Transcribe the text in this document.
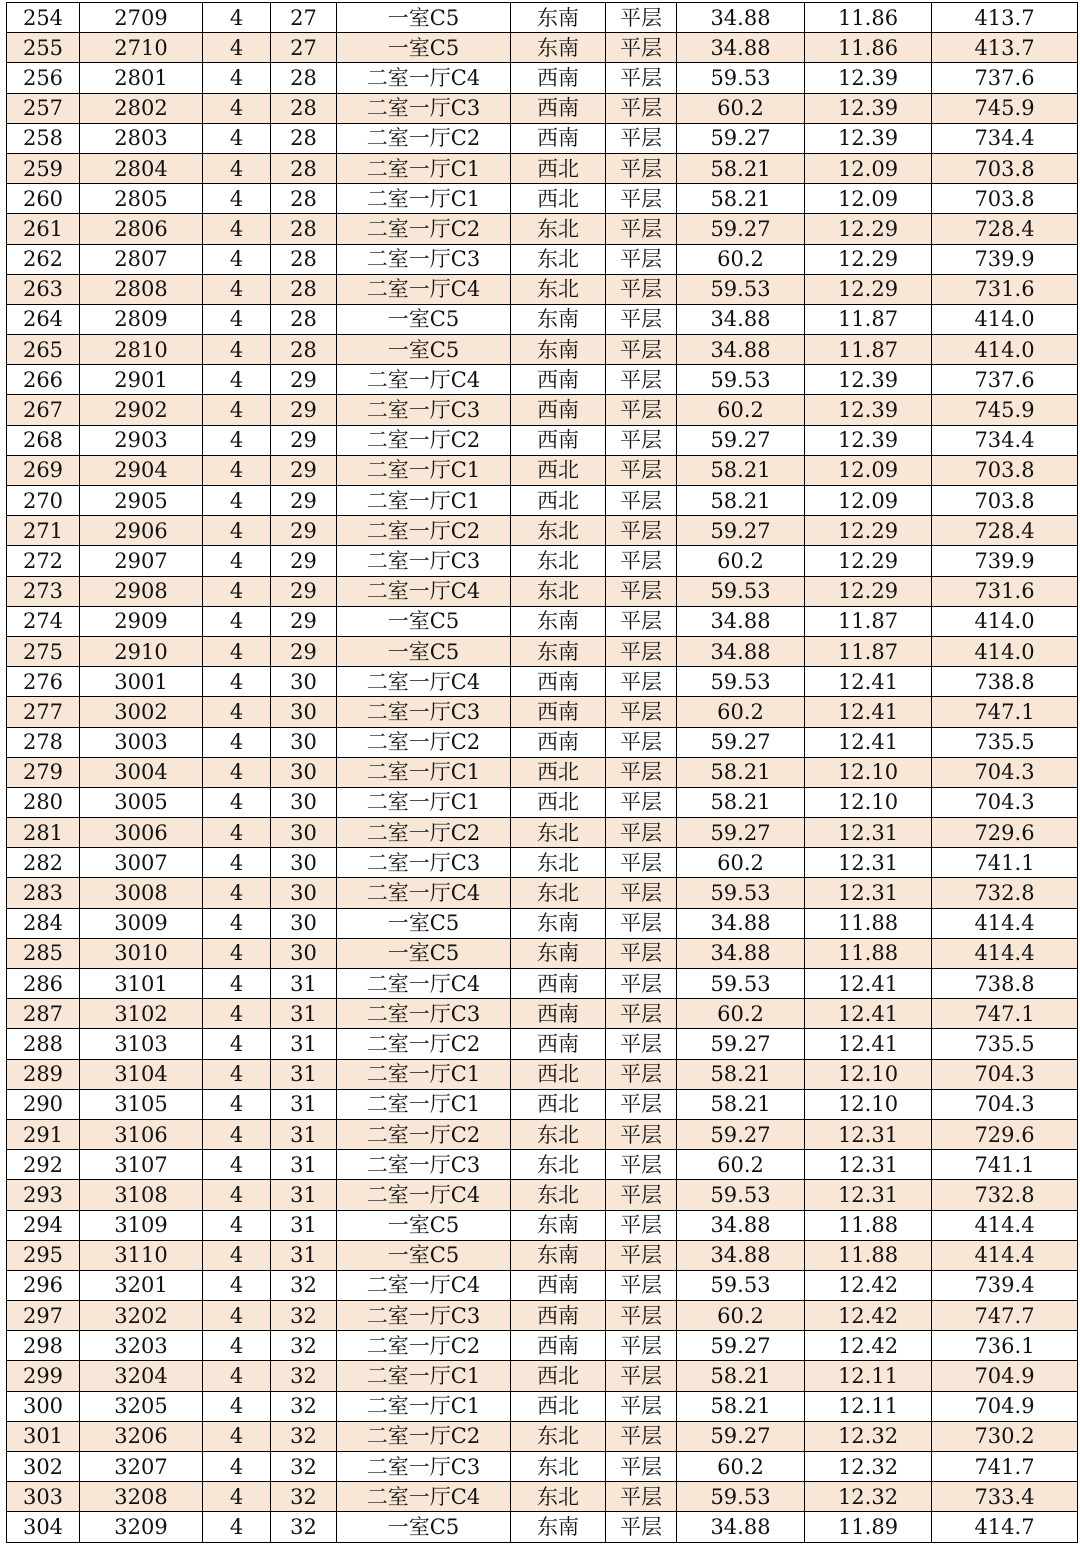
254	2709	4	27	一室C5	东南	平层	34.88	11.86	413.7
255	2710	4	27	一室C5	东南	平层	34.88	11.86	413.7
256	2801	4	28	二室一厅C4	西南	平层	59.53	12.39	737.6
257	2802	4	28	二室一厅C3	西南	平层	60.2	12.39	745.9
258	2803	4	28	二室一厅C2	西南	平层	59.27	12.39	734.4
259	2804	4	28	二室一厅C1	西北	平层	58.21	12.09	703.8
260	2805	4	28	二室一厅C1	西北	平层	58.21	12.09	703.8
261	2806	4	28	二室一厅C2	东北	平层	59.27	12.29	728.4
262	2807	4	28	二室一厅C3	东北	平层	60.2	12.29	739.9
263	2808	4	28	二室一厅C4	东北	平层	59.53	12.29	731.6
264	2809	4	28	一室C5	东南	平层	34.88	11.87	414.0
265	2810	4	28	一室C5	东南	平层	34.88	11.87	414.0
266	2901	4	29	二室一厅C4	西南	平层	59.53	12.39	737.6
267	2902	4	29	二室一厅C3	西南	平层	60.2	12.39	745.9
268	2903	4	29	二室一厅C2	西南	平层	59.27	12.39	734.4
269	2904	4	29	二室一厅C1	西北	平层	58.21	12.09	703.8
270	2905	4	29	二室一厅C1	西北	平层	58.21	12.09	703.8
271	2906	4	29	二室一厅C2	东北	平层	59.27	12.29	728.4
272	2907	4	29	二室一厅C3	东北	平层	60.2	12.29	739.9
273	2908	4	29	二室一厅C4	东北	平层	59.53	12.29	731.6
274	2909	4	29	一室C5	东南	平层	34.88	11.87	414.0
275	2910	4	29	一室C5	东南	平层	34.88	11.87	414.0
276	3001	4	30	二室一厅C4	西南	平层	59.53	12.41	738.8
277	3002	4	30	二室一厅C3	西南	平层	60.2	12.41	747.1
278	3003	4	30	二室一厅C2	西南	平层	59.27	12.41	735.5
279	3004	4	30	二室一厅C1	西北	平层	58.21	12.10	704.3
280	3005	4	30	二室一厅C1	西北	平层	58.21	12.10	704.3
281	3006	4	30	二室一厅C2	东北	平层	59.27	12.31	729.6
282	3007	4	30	二室一厅C3	东北	平层	60.2	12.31	741.1
283	3008	4	30	二室一厅C4	东北	平层	59.53	12.31	732.8
284	3009	4	30	一室C5	东南	平层	34.88	11.88	414.4
285	3010	4	30	一室C5	东南	平层	34.88	11.88	414.4
286	3101	4	31	二室一厅C4	西南	平层	59.53	12.41	738.8
287	3102	4	31	二室一厅C3	西南	平层	60.2	12.41	747.1
288	3103	4	31	二室一厅C2	西南	平层	59.27	12.41	735.5
289	3104	4	31	二室一厅C1	西北	平层	58.21	12.10	704.3
290	3105	4	31	二室一厅C1	西北	平层	58.21	12.10	704.3
291	3106	4	31	二室一厅C2	东北	平层	59.27	12.31	729.6
292	3107	4	31	二室一厅C3	东北	平层	60.2	12.31	741.1
293	3108	4	31	二室一厅C4	东北	平层	59.53	12.31	732.8
294	3109	4	31	一室C5	东南	平层	34.88	11.88	414.4
295	3110	4	31	一室C5	东南	平层	34.88	11.88	414.4
296	3201	4	32	二室一厅C4	西南	平层	59.53	12.42	739.4
297	3202	4	32	二室一厅C3	西南	平层	60.2	12.42	747.7
298	3203	4	32	二室一厅C2	西南	平层	59.27	12.42	736.1
299	3204	4	32	二室一厅C1	西北	平层	58.21	12.11	704.9
300	3205	4	32	二室一厅C1	西北	平层	58.21	12.11	704.9
301	3206	4	32	二室一厅C2	东北	平层	59.27	12.32	730.2
302	3207	4	32	二室一厅C3	东北	平层	60.2	12.32	741.7
303	3208	4	32	二室一厅C4	东北	平层	59.53	12.32	733.4
304	3209	4	32	一室C5	东南	平层	34.88	11.89	414.7
